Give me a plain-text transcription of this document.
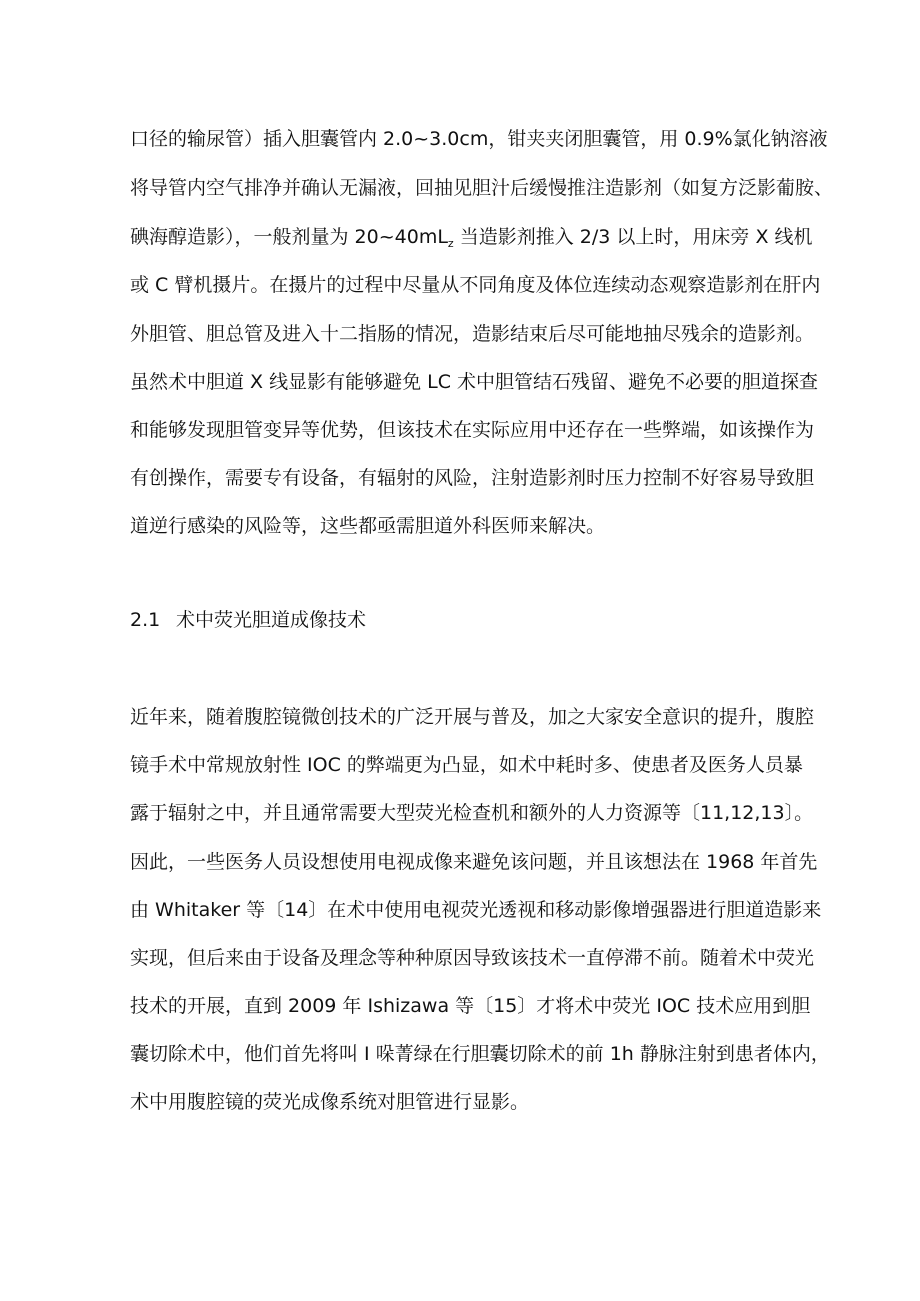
口径的输尿管）插入胆囊管内 2.0~3.0cm，钳夹夹闭胆囊管，用 0.9%氯化钠溶液
将导管内空气排净并确认无漏液，回抽见胆汁后缓慢推注造影剂（如复方泛影葡胺、
碘海醇造影），一般剂量为 $20\sim 40mL_z$ 当造影剂推入 2/3 以上时，用床旁 X 线机
或 C 臂机摄片。在摄片的过程中尽量从不同角度及体位连续动态观察造影剂在肝内
外胆管、胆总管及进入十二指肠的情况，造影结束后尽可能地抽尽残余的造影剂。
虽然术中胆道 X 线显影有能够避免 LC 术中胆管结石残留、避免不必要的胆道探查
和能够发现胆管变异等优势，但该技术在实际应用中还存在一些弊端，如该操作为
有创操作，需要专有设备，有辐射的风险，注射造影剂时压力控制不好容易导致胆
道逆行感染的风险等，这些都亟需胆道外科医师来解决。
2.1 术中荧光胆道成像技术
近年来，随着腹腔镜微创技术的广泛开展与普及，加之大家安全意识的提升，腹腔
镜手术中常规放射性 IOC 的弊端更为凸显，如术中耗时多、使患者及医务人员暴
露于辐射之中，并且通常需要大型荧光检查机和额外的人力资源等〔11,12,13〕。
因此，一些医务人员设想使用电视成像来避免该问题，并且该想法在 1968 年首先
由 Whitaker 等〔14〕在术中使用电视荧光透视和移动影像增强器进行胆道造影来
实现，但后来由于设备及理念等种种原因导致该技术一直停滞不前。随着术中荧光
技术的开展，直到 2009 年 Ishizawa 等〔15〕才将术中荧光 IOC 技术应用到胆
囊切除术中，他们首先将叫 I 哚菁绿在行胆囊切除术的前 1h 静脉注射到患者体内，
术中用腹腔镜的荧光成像系统对胆管进行显影。
